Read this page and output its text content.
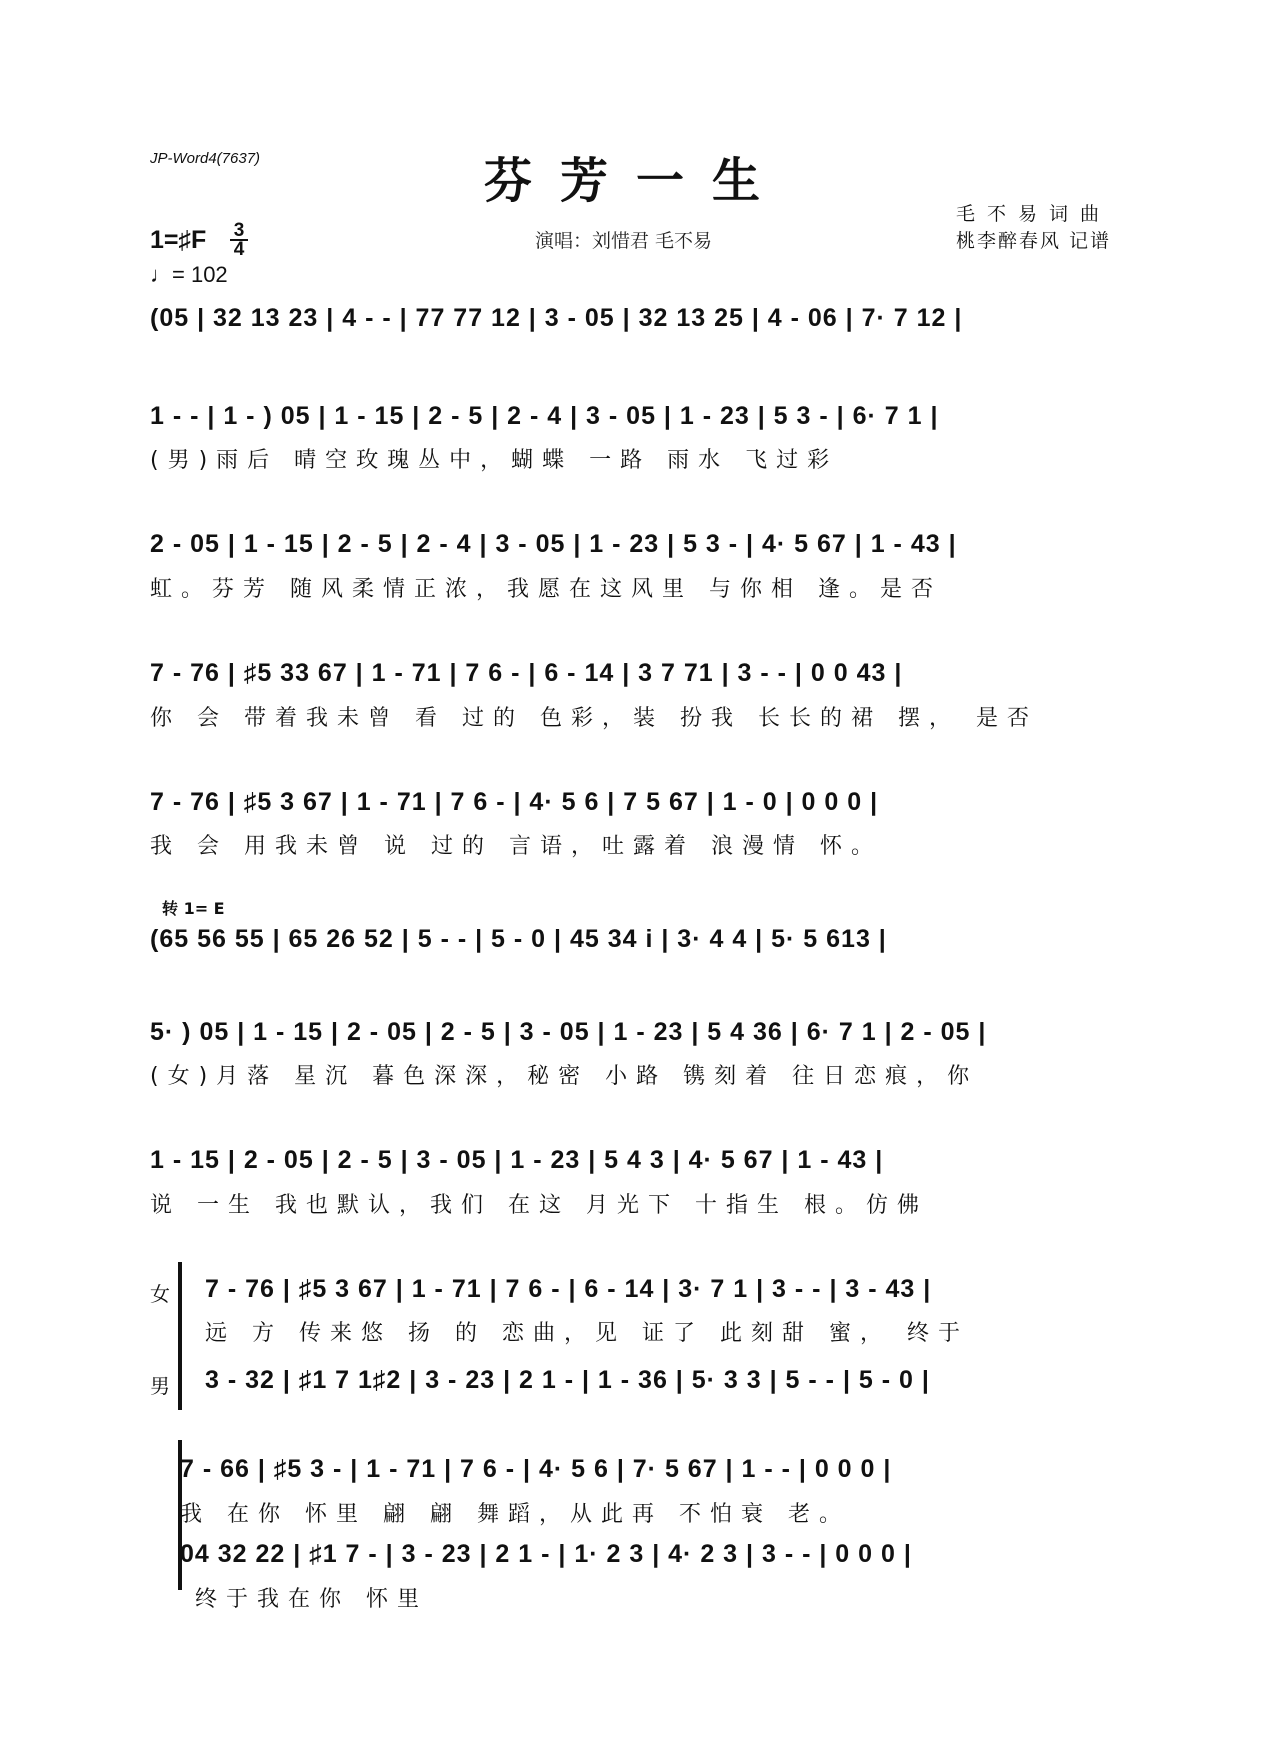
JP-Word4(7637)	芬芳一生
演唱：刘惜君 毛不易
毛不易词曲
桃李醉春风 记谱
1=♯F 3
4
♩= 102
(05 | 32 13 23 | 4 - - | 77 77 12 | 3 - 05 | 32 13 25 | 4 - 06 | 7· 7 12 |
1 - - | 1 - ) 05 | 1 - 15 | 2 - 5 | 2 - 4 | 3 - 05 | 1 - 23 | 5 3 - | 6· 7 1 |
(男)雨后 晴空玫瑰丛中，蝴蝶 一路 雨水 飞过彩
2 - 05 | 1 - 15 | 2 - 5 | 2 - 4 | 3 - 05 | 1 - 23 | 5 3 - | 4· 5 67 | 1 - 43 |
虹。芬芳 随风柔情正浓，我愿在这风里 与你相 逢。是否
7 - 76 | ♯5 33 67 | 1 - 71 | 7 6 - | 6 - 14 | 3 7 71 | 3 - - | 0 0 43 |
你 会 带着我未曾 看 过的 色彩，装 扮我 长长的裙 摆， 是否
7 - 76 | ♯5 3 67 | 1 - 71 | 7 6 - | 4· 5 6 | 7 5 67 | 1 - 0 | 0 0 0 |
我 会 用我未曾 说 过的 言语，吐露着 浪漫情 怀。
转 1= E
(65 56 55 | 65 26 52 | 5 - - | 5 - 0 | 45 34 i | 3· 4 4 | 5· 5 613 |
5· ) 05 | 1 - 15 | 2 - 05 | 2 - 5 | 3 - 05 | 1 - 23 | 5 4 36 | 6· 7 1 | 2 - 05 |
(女)月落 星沉 暮色深深，秘密 小路 镌刻着 往日恋痕，你
1 - 15 | 2 - 05 | 2 - 5 | 3 - 05 | 1 - 23 | 5 4 3 | 4· 5 67 | 1 - 43 |
说 一生 我也默认，我们 在这 月光下 十指生 根。仿佛
女
男
7 - 76 | ♯5 3 67 | 1 - 71 | 7 6 - | 6 - 14 | 3· 7 1 | 3 - - | 3 - 43 |
远 方 传来悠 扬 的 恋曲，见 证了 此刻甜 蜜， 终于
3 - 32 | ♯1 7 1♯2 | 3 - 23 | 2 1 - | 1 - 36 | 5· 3 3 | 5 - - | 5 - 0 |
7 - 66 | ♯5 3 - | 1 - 71 | 7 6 - | 4· 5 6 | 7· 5 67 | 1 - - | 0 0 0 |
我 在你 怀里 翩 翩 舞蹈，从此再 不怕衰 老。
04 32 22 | ♯1 7 - | 3 - 23 | 2 1 - | 1· 2 3 | 4· 2 3 | 3 - - | 0 0 0 |
终于我在你 怀里
